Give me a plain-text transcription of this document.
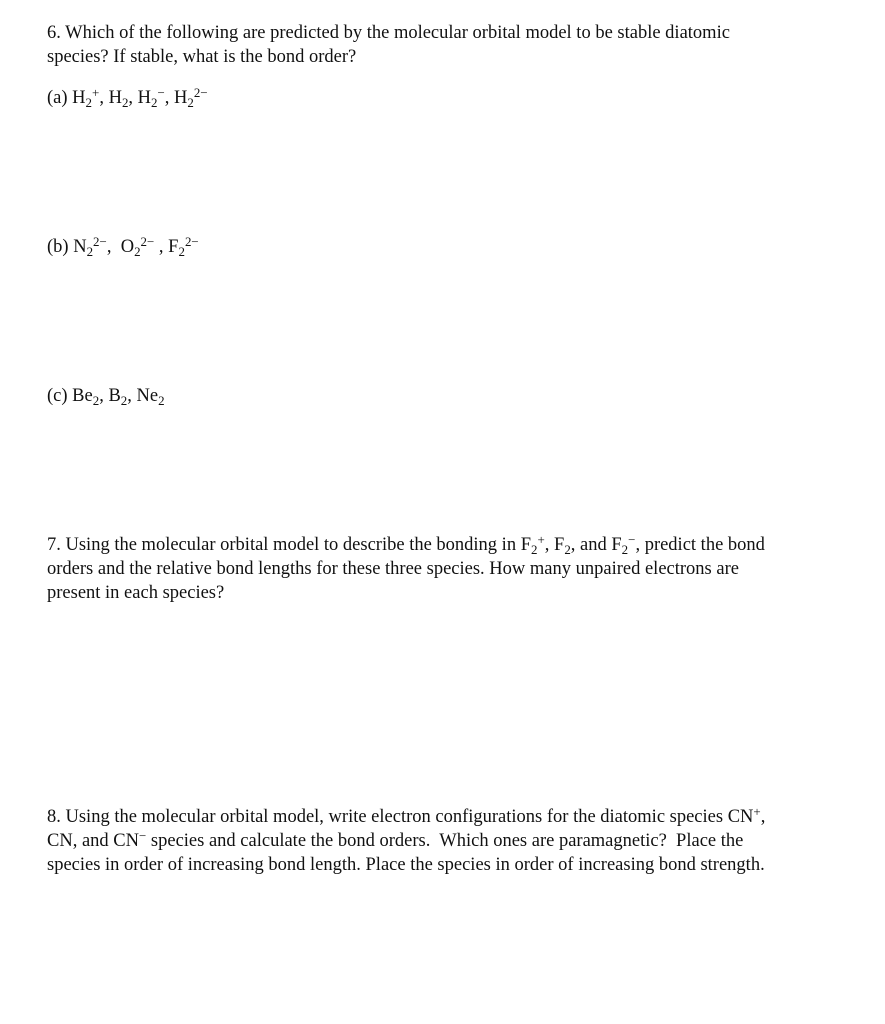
6. Which of the following are predicted by the molecular orbital model to be stable diatomic

species? If stable, what is the bond order?

(a) $H_2^+$, $H_2$, $H_2^-$, $H_2^{2-}$

(b) $N_2^{2-}$,  $O_2^{2-}$ , $F_2^{2-}$

(c) $Be_2$, $B_2$, $Ne_2$

7. Using the molecular orbital model to describe the bonding in $F_2^+$, $F_2$, and $F_2^-$, predict the bond

orders and the relative bond lengths for these three species. How many unpaired electrons are

present in each species?

8. Using the molecular orbital model, write electron configurations for the diatomic species CN+,

CN, and CN− species and calculate the bond orders.  Which ones are paramagnetic?  Place the

species in order of increasing bond length. Place the species in order of increasing bond strength.
